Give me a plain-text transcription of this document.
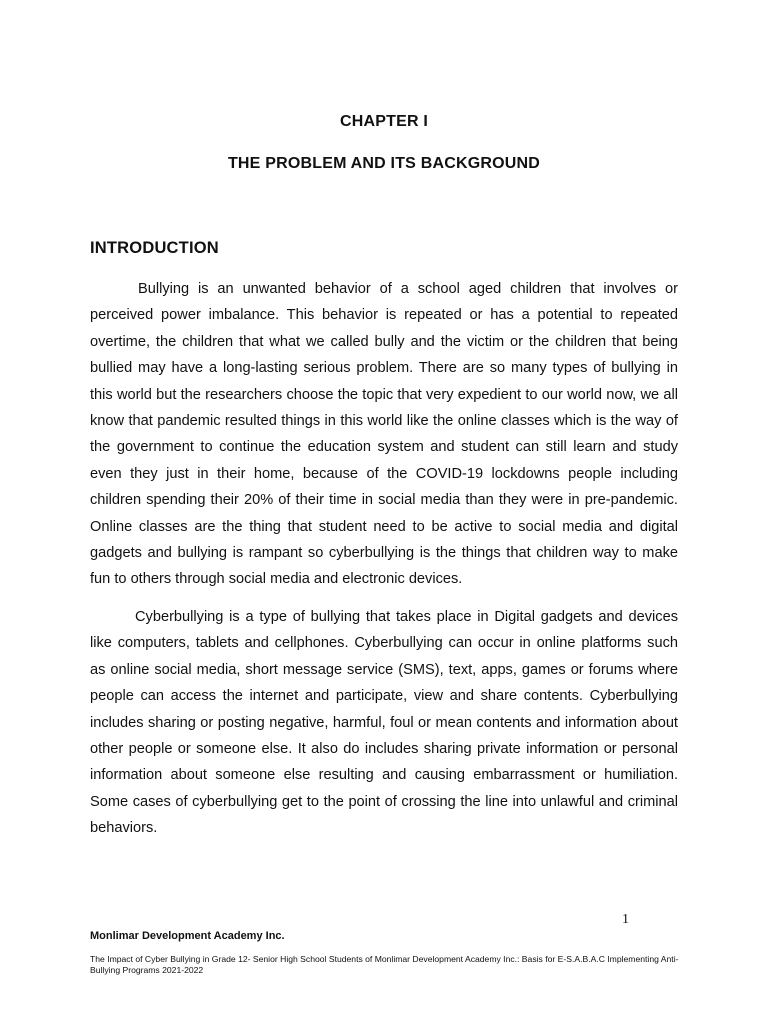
CHAPTER I
THE PROBLEM AND ITS BACKGROUND
INTRODUCTION

Bullying is an unwanted behavior of a school aged children that involves or perceived power imbalance. This behavior is repeated or has a potential to repeated overtime, the children that what we called bully and the victim or the children that being bullied may have a long-lasting serious problem. There are so many types of bullying in this world but the researchers choose the topic that very expedient to our world now, we all know that pandemic resulted things in this world like the online classes which is the way of the government to continue the education system and student can still learn and study even they just in their home, because of the COVID-19 lockdowns people including children spending their 20% of their time in social media than they were in pre-pandemic. Online classes are the thing that student need to be active to social media and digital gadgets and bullying is rampant so cyberbullying is the things that children way to make fun to others through social media and electronic devices.

Cyberbullying is a type of bullying that takes place in Digital gadgets and devices like computers, tablets and cellphones. Cyberbullying can occur in online platforms such as online social media, short message service (SMS), text, apps, games or forums where people can access the internet and participate, view and share contents. Cyberbullying includes sharing or posting negative, harmful, foul or mean contents and information about other people or someone else. It also do includes sharing private information or personal information about someone else resulting and causing embarrassment or humiliation. Some cases of cyberbullying get to the point of crossing the line into unlawful and criminal behaviors.

1
Monlimar Development Academy Inc.
The Impact of Cyber Bullying in Grade 12- Senior High School Students of Monlimar Development Academy Inc.: Basis for E-S.A.B.A.C Implementing Anti-Bullying Programs 2021-2022
